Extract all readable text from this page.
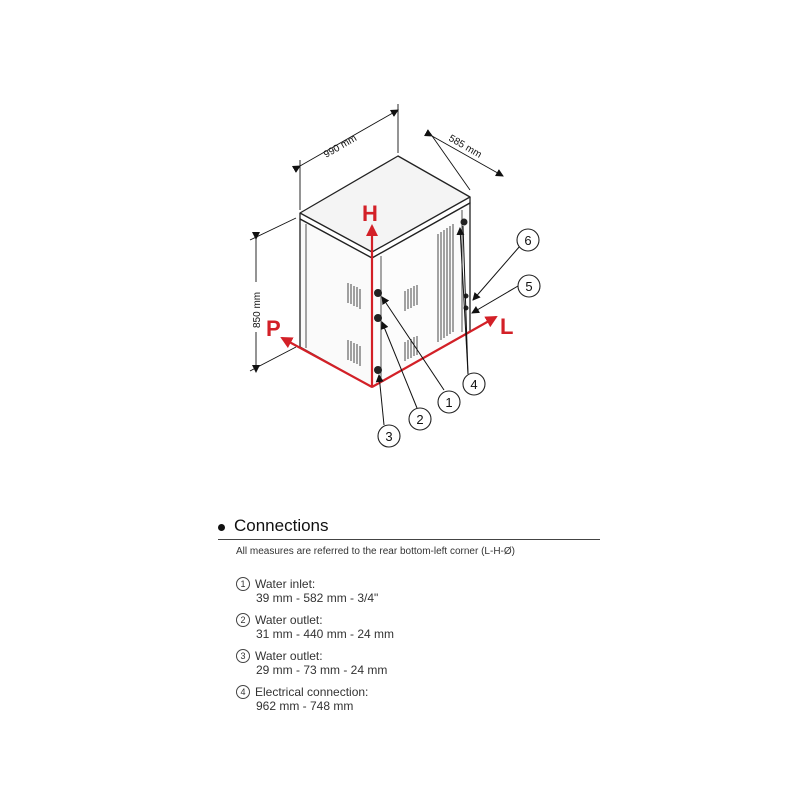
H
P	L
990 mm	585 mm
850 mm
1
2
3
4
5
6
Connections
All measures are referred to the rear bottom-left corner (L-H-Ø)
1 Water inlet:
39 mm - 582 mm - 3/4"
2 Water outlet:
31 mm - 440 mm - 24 mm
3 Water outlet:
29 mm - 73 mm - 24 mm
4 Electrical connection:
962 mm - 748 mm
